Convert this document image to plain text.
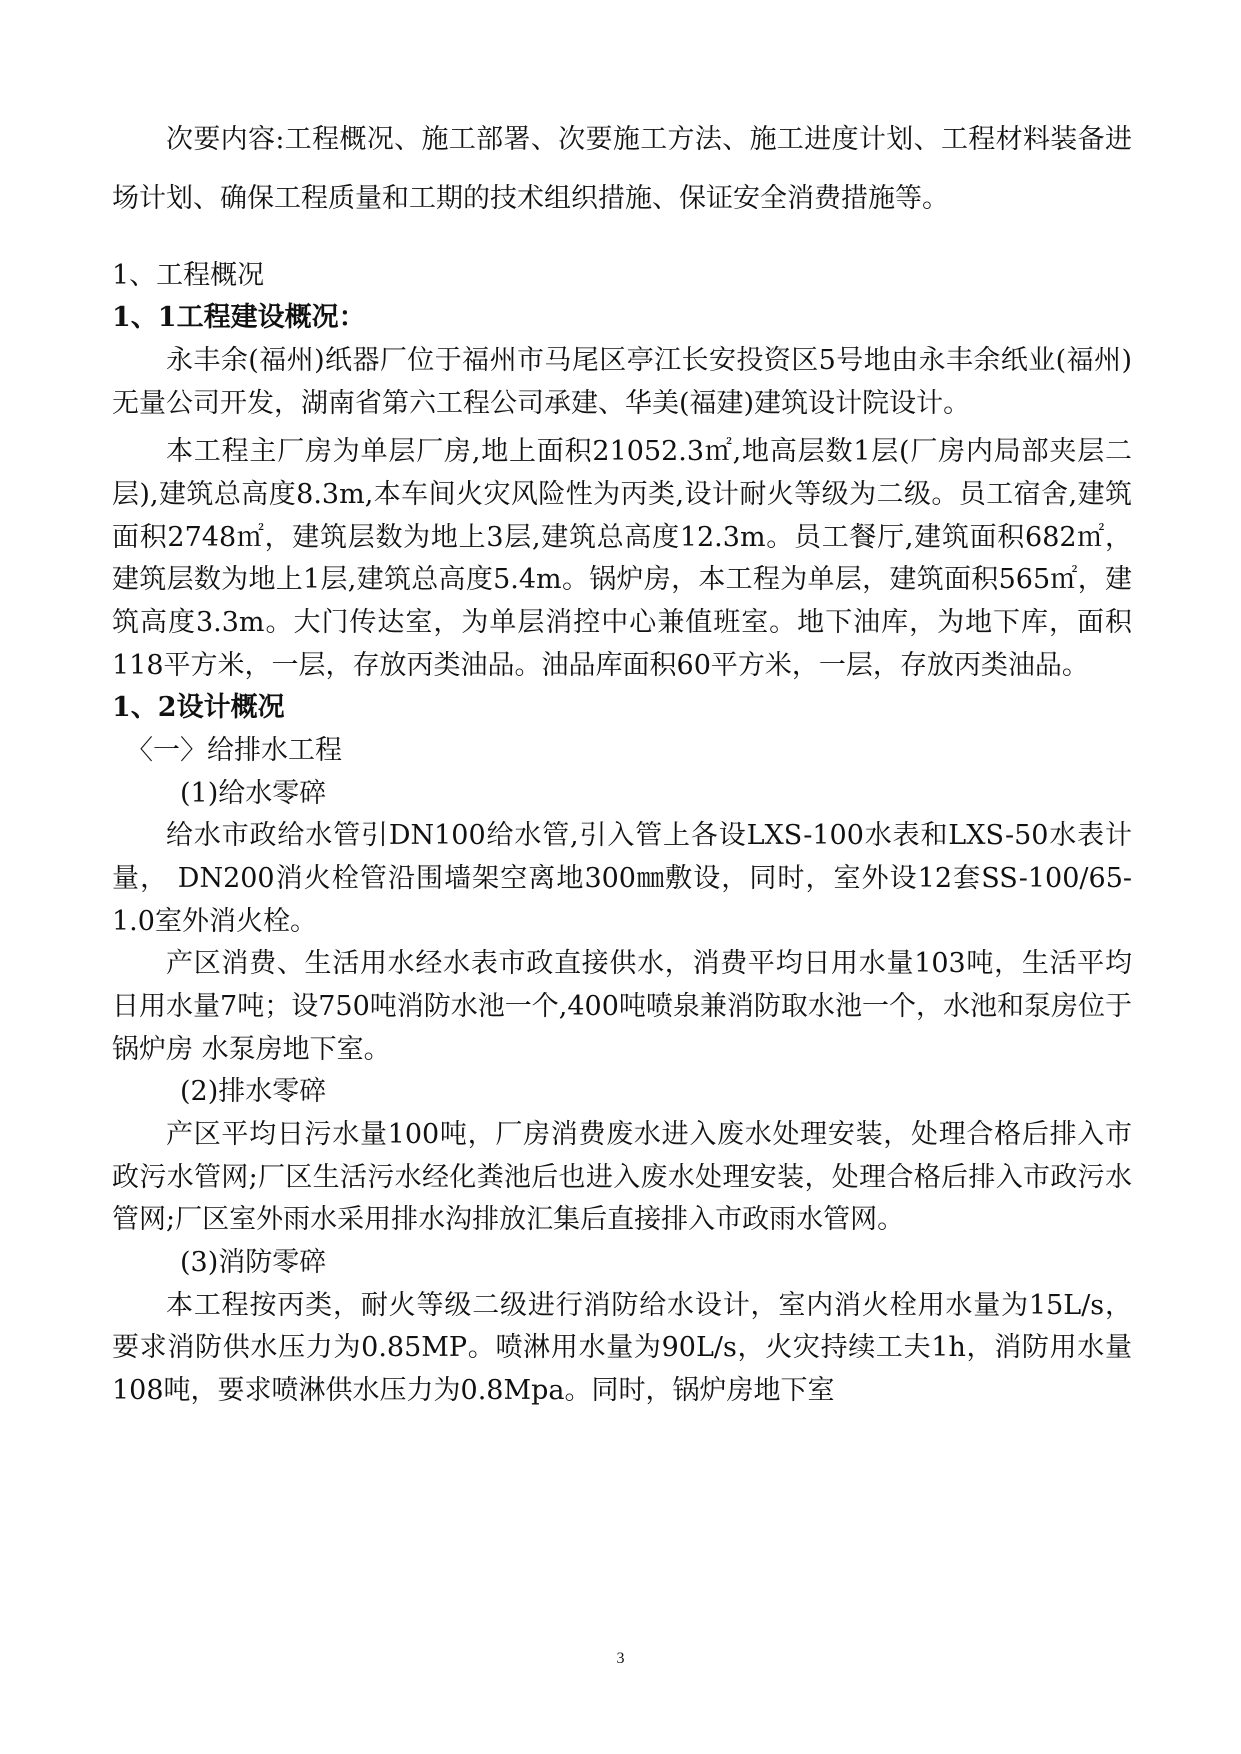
次要内容:工程概况、施工部署、次要施工方法、施工进度计划、工程材料装备进场计划、确保工程质量和工期的技术组织措施、保证安全消费措施等。

1、工程概况

1、1工程建设概况：

永丰余(福州)纸器厂位于福州市马尾区亭江长安投资区5号地由永丰余纸业(福州)无量公司开发，湖南省第六工程公司承建、华美(福建)建筑设计院设计。

本工程主厂房为单层厂房,地上面积21052.3㎡,地高层数1层(厂房内局部夹层二层),建筑总高度8.3m,本车间火灾风险性为丙类,设计耐火等级为二级。员工宿舍,建筑面积2748㎡，建筑层数为地上3层,建筑总高度12.3m。员工餐厅,建筑面积682㎡，建筑层数为地上1层,建筑总高度5.4m。锅炉房，本工程为单层，建筑面积565㎡，建筑高度3.3m。大门传达室，为单层消控中心兼值班室。地下油库，为地下库，面积118平方米，一层，存放丙类油品。油品库面积60平方米，一层，存放丙类油品。

1、2设计概况

〈一〉给排水工程

(1)给水零碎

给水市政给水管引DN100给水管,引入管上各设LXS-100水表和LXS-50水表计量， DN200消火栓管沿围墙架空离地300㎜敷设，同时，室外设12套SS-100/65-1.0室外消火栓。

产区消费、生活用水经水表市政直接供水，消费平均日用水量103吨，生活平均日用水量7吨；设750吨消防水池一个,400吨喷泉兼消防取水池一个，水池和泵房位于锅炉房 水泵房地下室。

(2)排水零碎

产区平均日污水量100吨，厂房消费废水进入废水处理安装，处理合格后排入市政污水管网;厂区生活污水经化粪池后也进入废水处理安装，处理合格后排入市政污水管网;厂区室外雨水采用排水沟排放汇集后直接排入市政雨水管网。

(3)消防零碎

本工程按丙类，耐火等级二级进行消防给水设计，室内消火栓用水量为15L/s，要求消防供水压力为0.85MP。喷淋用水量为90L/s，火灾持续工夫1h，消防用水量108吨，要求喷淋供水压力为0.8Mpa。同时，锅炉房地下室

3
